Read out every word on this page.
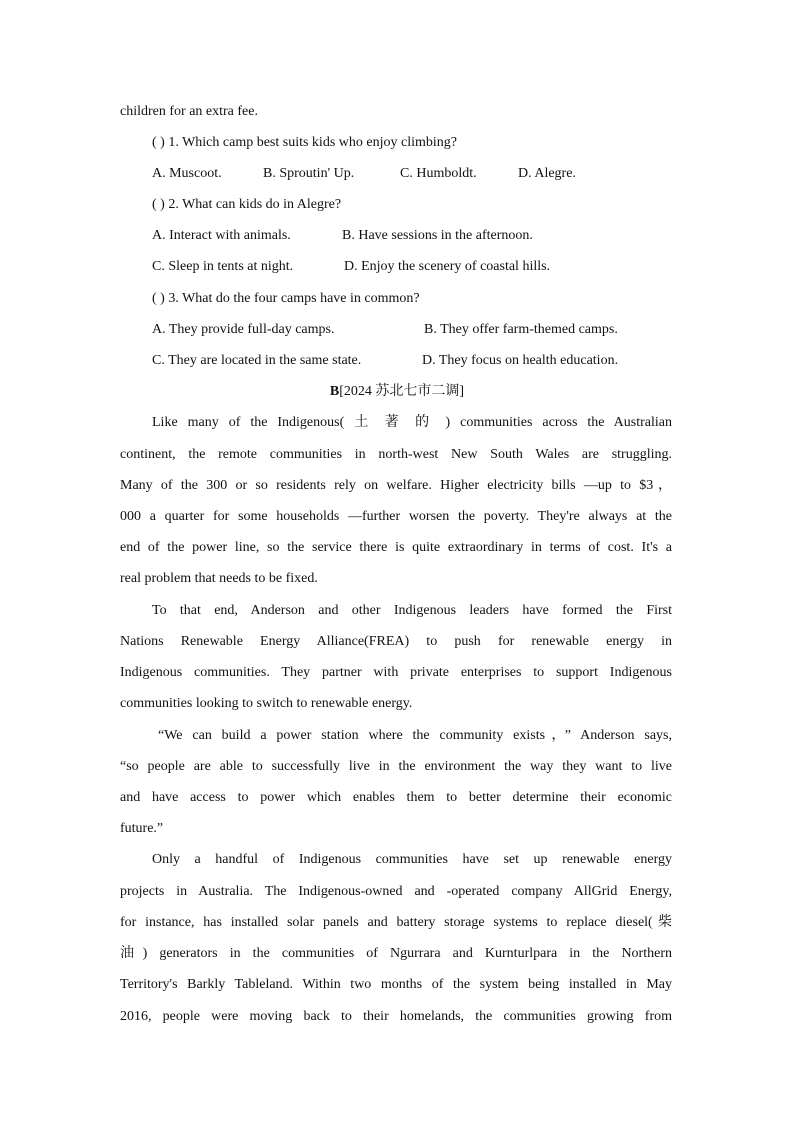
children for an extra fee.
( ) 1. Which camp best suits kids who enjoy climbing?
A. Muscoot.	B. Sproutin' Up.	C. Humboldt.	D. Alegre.
( ) 2. What can kids do in Alegre?
A. Interact with animals.	B. Have sessions in the afternoon.
C. Sleep in tents at night.	D. Enjoy the scenery of coastal hills.
( ) 3. What do the four camps have in common?
A. They provide full-day camps.	B. They offer farm-themed camps.
C. They are located in the same state.	D. They focus on health education.
B[2024 苏北七市二调]
Like many of the Indigenous( 土 著 的 ) communities across the Australian
continent, the remote communities in north-west New South Wales are struggling.
Many of the 300 or so residents rely on welfare. Higher electricity bills —up to $3，
000 a quarter for some households —further worsen the poverty. They're always at the
end of the power line, so the service there is quite extraordinary in terms of cost. It's a
real problem that needs to be fixed.
To that end, Anderson and other Indigenous leaders have formed the First
Nations Renewable Energy Alliance(FREA) to push for renewable energy in
Indigenous communities. They partner with private enterprises to support Indigenous
communities looking to switch to renewable energy.
“We can build a power station where the community exists，” Anderson says,
“so people are able to successfully live in the environment the way they want to live
and have access to power which enables them to better determine their economic
future.”
Only a handful of Indigenous communities have set up renewable energy
projects in Australia. The Indigenous-owned and -operated company AllGrid Energy,
for instance, has installed solar panels and battery storage systems to replace diesel(柴
油) generators in the communities of Ngurrara and Kurnturlpara in the Northern
Territory's Barkly Tableland. Within two months of the system being installed in May
2016, people were moving back to their homelands, the communities growing from
